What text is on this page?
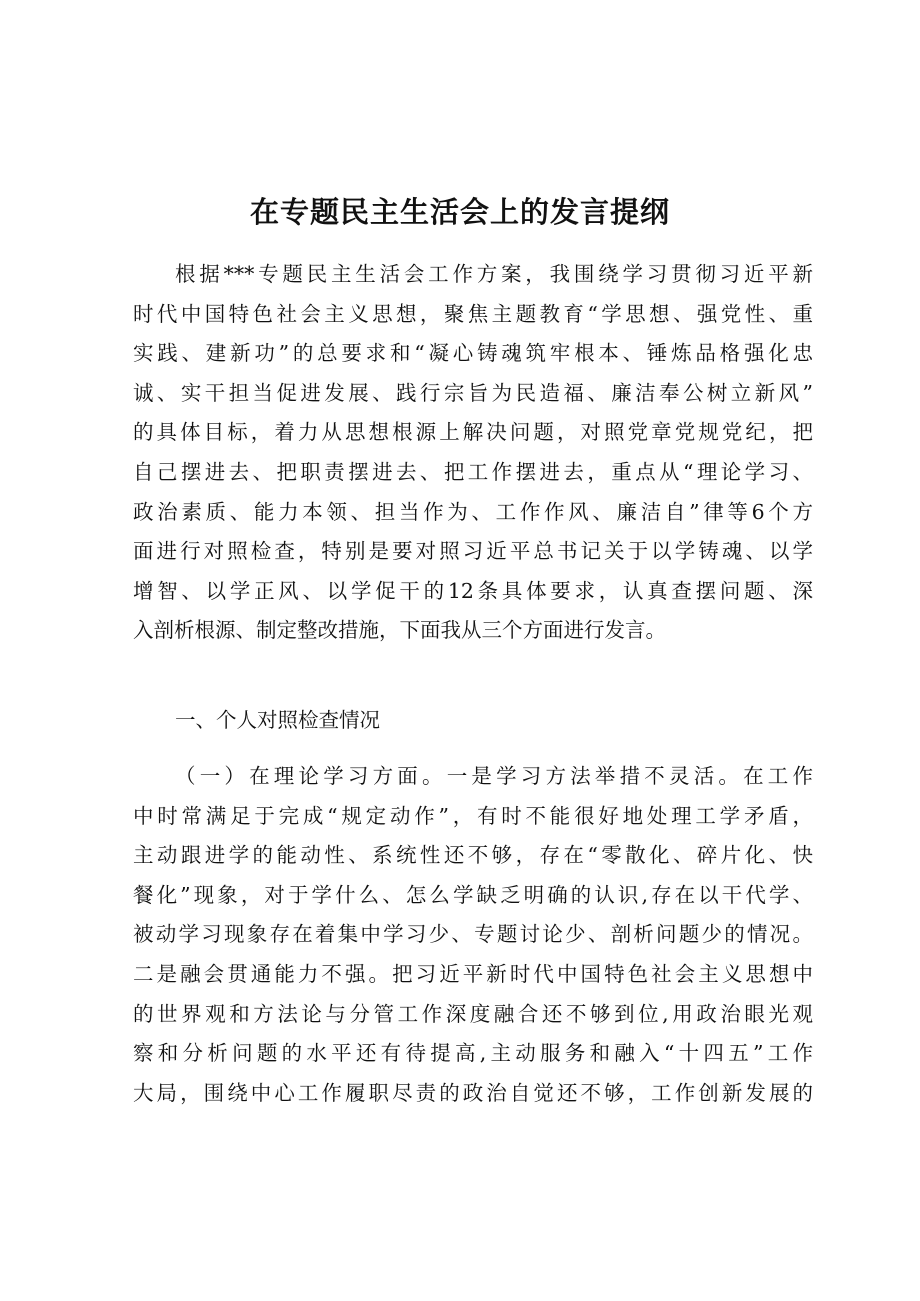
在专题民主生活会上的发言提纲
根据***专题民主生活会工作方案，我围绕学习贯彻习近平新
时代中国特色社会主义思想，聚焦主题教育“学思想、强党性、重
实践、建新功”的总要求和“凝心铸魂筑牢根本、锤炼品格强化忠
诚、实干担当促进发展、践行宗旨为民造福、廉洁奉公树立新风”
的具体目标，着力从思想根源上解决问题，对照党章党规党纪，把
自己摆进去、把职责摆进去、把工作摆进去，重点从“理论学习、
政治素质、能力本领、担当作为、工作作风、廉洁自”律等6个方
面进行对照检查，特别是要对照习近平总书记关于以学铸魂、以学
增智、以学正风、以学促干的12条具体要求，认真查摆问题、深
入剖析根源、制定整改措施，下面我从三个方面进行发言。

一、个人对照检查情况

（一）在理论学习方面。一是学习方法举措不灵活。在工作
中时常满足于完成“规定动作”，有时不能很好地处理工学矛盾，
主动跟进学的能动性、系统性还不够，存在“零散化、碎片化、快
餐化”现象，对于学什么、怎么学缺乏明确的认识,存在以干代学、
被动学习现象存在着集中学习少、专题讨论少、剖析问题少的情况。
二是融会贯通能力不强。把习近平新时代中国特色社会主义思想中
的世界观和方法论与分管工作深度融合还不够到位,用政治眼光观
察和分析问题的水平还有待提高,主动服务和融入“十四五”工作
大局，围绕中心工作履职尽责的政治自觉还不够，工作创新发展的
